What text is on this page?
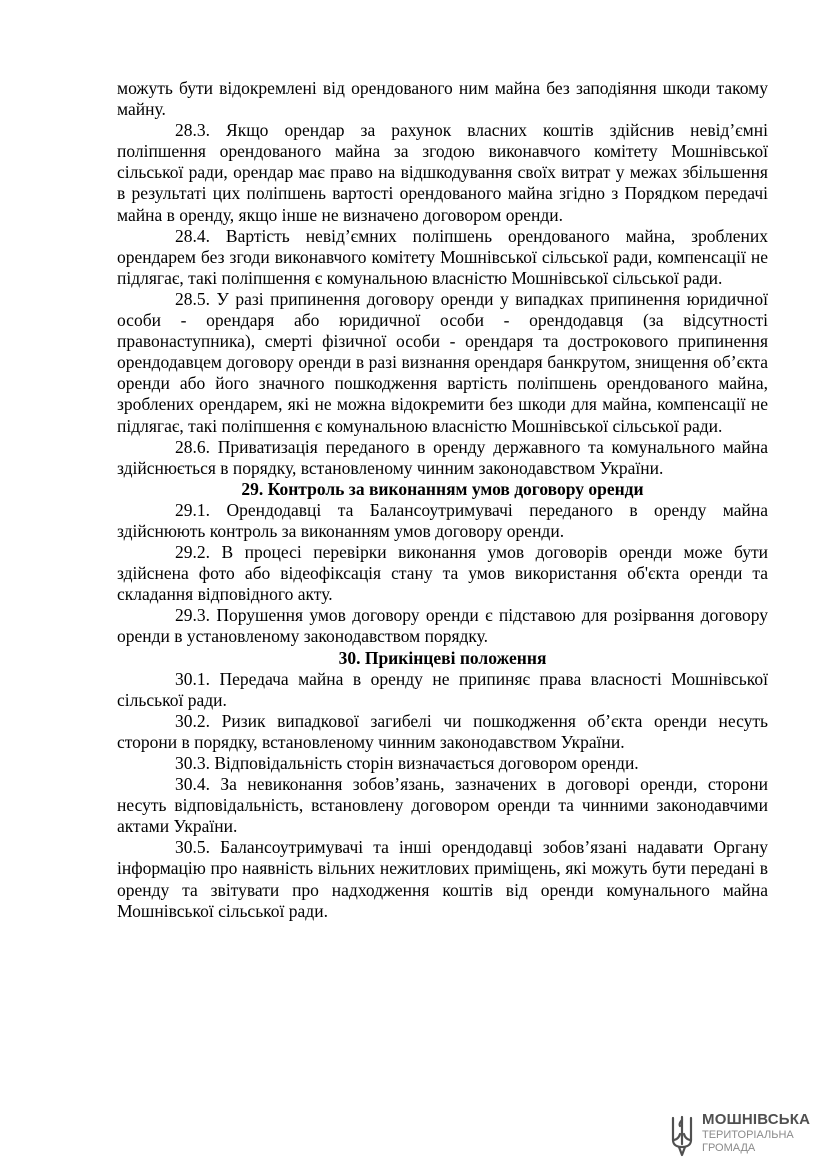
можуть бути відокремлені від орендованого ним майна без заподіяння шкоди такому майну.

28.3. Якщо орендар за рахунок власних коштів здійснив невід’ємні поліпшення орендованого майна за згодою виконавчого комітету Мошнівської сільської ради, орендар має право на відшкодування своїх витрат у межах збільшення в результаті цих поліпшень вартості орендованого майна згідно з Порядком передачі майна в оренду, якщо інше не визначено договором оренди.

28.4. Вартість невід’ємних поліпшень орендованого майна, зроблених орендарем без згоди виконавчого комітету Мошнівської сільської ради, компенсації не підлягає, такі поліпшення є комунальною власністю Мошнівської сільської ради.

28.5. У разі припинення договору оренди у випадках припинення юридичної особи - орендаря або юридичної особи - орендодавця (за відсутності правонаступника), смерті фізичної особи - орендаря та дострокового припинення орендодавцем договору оренди в разі визнання орендаря банкрутом, знищення об’єкта оренди або його значного пошкодження вартість поліпшень орендованого майна, зроблених орендарем, які не можна відокремити без шкоди для майна, компенсації не підлягає, такі поліпшення є комунальною власністю Мошнівської сільської ради.

28.6. Приватизація переданого в оренду державного та комунального майна здійснюється в порядку, встановленому чинним законодавством України.

29. Контроль за виконанням умов договору оренди

29.1. Орендодавці та Балансоутримувачі переданого в оренду майна здійснюють контроль за виконанням умов договору оренди.

29.2. В процесі перевірки виконання умов договорів оренди може бути здійснена фото або відеофіксація стану та умов використання об'єкта оренди та складання відповідного акту.

29.3. Порушення умов договору оренди є підставою для розірвання договору оренди в установленому законодавством порядку.

30. Прикінцеві положення

30.1. Передача майна в оренду не припиняє права власності Мошнівської сільської ради.

30.2. Ризик випадкової загибелі чи пошкодження об’єкта оренди несуть сторони в порядку, встановленому чинним законодавством України.

30.3. Відповідальність сторін визначається договором оренди.

30.4. За невиконання зобов’язань, зазначених в договорі оренди, сторони несуть відповідальність, встановлену договором оренди та чинними законодавчими актами України.

30.5. Балансоутримувачі та інші орендодавці зобов’язані надавати Органу інформацію про наявність вільних нежитлових приміщень, які можуть бути передані в оренду та звітувати про надходження коштів від оренди комунального майна Мошнівської сільської ради.

МОШНІВСЬКА
ТЕРИТОРІАЛЬНА
ГРОМАДА
